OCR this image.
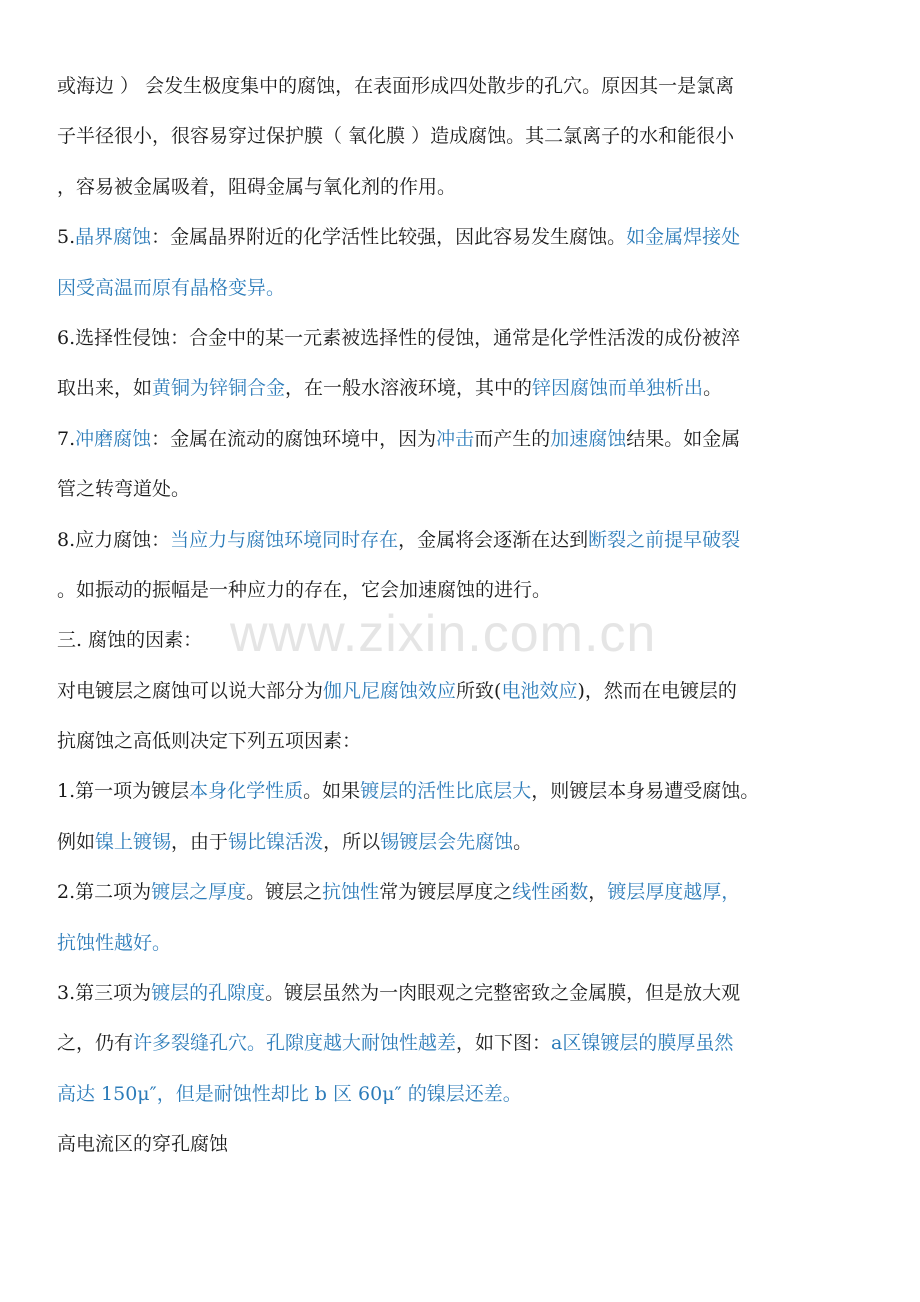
或海边 ） 会发生极度集中的腐蚀，在表面形成四处散步的孔穴。原因其一是氯离
子半径很小，很容易穿过保护膜（ 氧化膜 ）造成腐蚀。其二氯离子的水和能很小
，容易被金属吸着，阻碍金属与氧化剂的作用。
5.晶界腐蚀：金属晶界附近的化学活性比较强，因此容易发生腐蚀。如金属焊接处
因受高温而原有晶格变异。
6.选择性侵蚀：合金中的某一元素被选择性的侵蚀，通常是化学性活泼的成份被淬
取出来，如黄铜为锌铜合金，在一般水溶液环境，其中的锌因腐蚀而单独析出。
7.冲磨腐蚀：金属在流动的腐蚀环境中，因为冲击而产生的加速腐蚀结果。如金属
管之转弯道处。
8.应力腐蚀：当应力与腐蚀环境同时存在，金属将会逐渐在达到断裂之前提早破裂
。如振动的振幅是一种应力的存在，它会加速腐蚀的进行。
三. 腐蚀的因素：
对电镀层之腐蚀可以说大部分为伽凡尼腐蚀效应所致(电池效应)，然而在电镀层的
抗腐蚀之高低则决定下列五项因素：
1.第一项为镀层本身化学性质。如果镀层的活性比底层大，则镀层本身易遭受腐蚀。
例如镍上镀锡，由于锡比镍活泼，所以锡镀层会先腐蚀。
2.第二项为镀层之厚度。镀层之抗蚀性常为镀层厚度之线性函数，镀层厚度越厚，
抗蚀性越好。
3.第三项为镀层的孔隙度。镀层虽然为一肉眼观之完整密致之金属膜，但是放大观
之，仍有许多裂缝孔穴。孔隙度越大耐蚀性越差，如下图：a区镍镀层的膜厚虽然
高达 150μ″，但是耐蚀性却比 b 区 60μ″ 的镍层还差。
高电流区的穿孔腐蚀
www.zixin.com.cn
